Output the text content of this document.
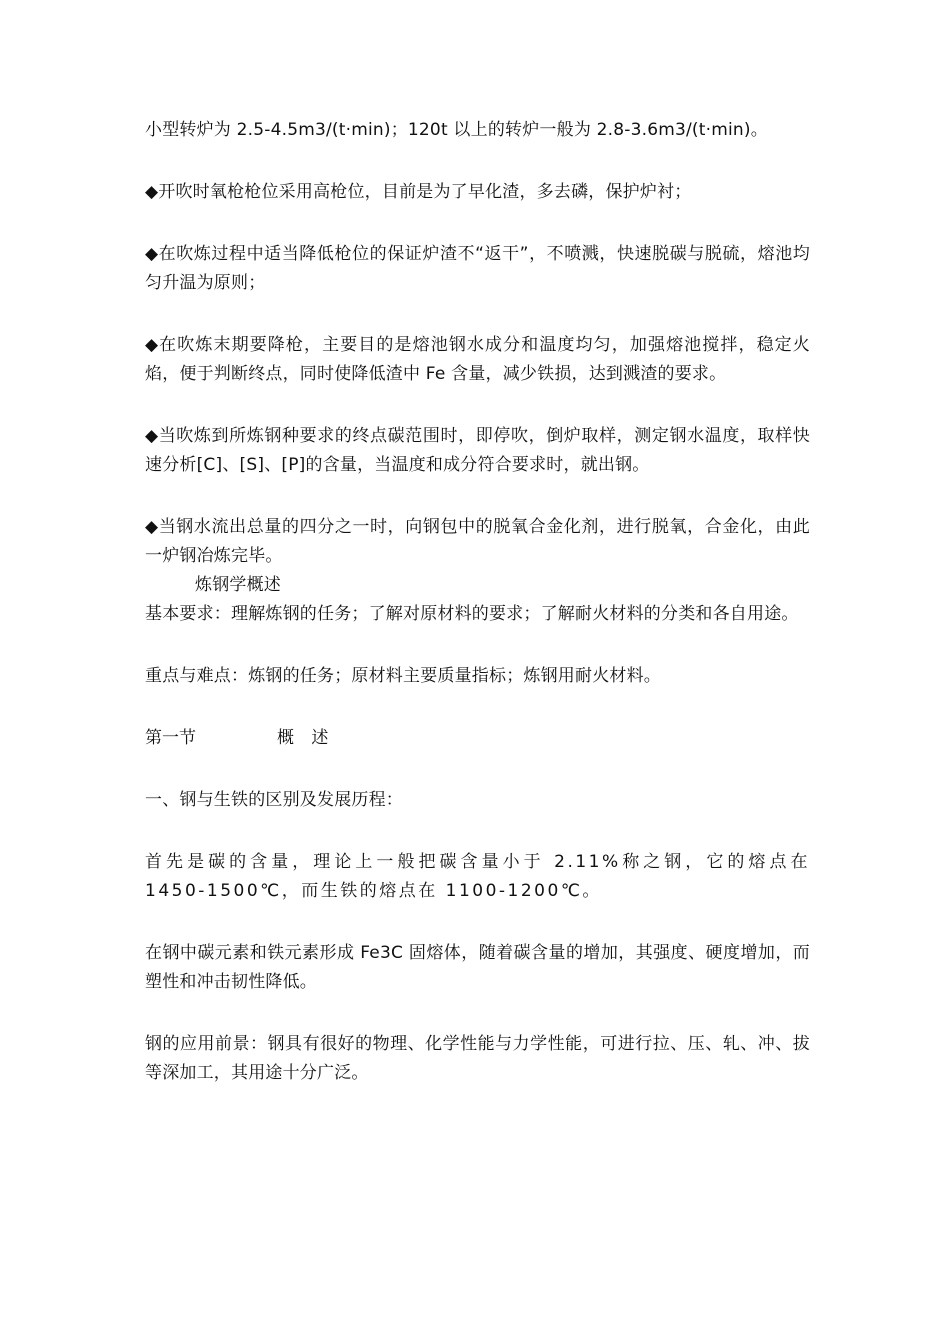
小型转炉为 2.5-4.5m3/(t·min)；120t 以上的转炉一般为 2.8-3.6m3/(t·min)。

◆开吹时氧枪枪位采用高枪位，目前是为了早化渣，多去磷，保护炉衬；

◆在吹炼过程中适当降低枪位的保证炉渣不“返干”，不喷溅，快速脱碳与脱硫，熔池均匀升温为原则；

◆在吹炼末期要降枪，主要目的是熔池钢水成分和温度均匀，加强熔池搅拌，稳定火焰，便于判断终点，同时使降低渣中 Fe 含量，减少铁损，达到溅渣的要求。

◆当吹炼到所炼钢种要求的终点碳范围时，即停吹，倒炉取样，测定钢水温度，取样快速分析[C]、[S]、[P]的含量，当温度和成分符合要求时，就出钢。

◆当钢水流出总量的四分之一时，向钢包中的脱氧合金化剂，进行脱氧，合金化，由此一炉钢冶炼完毕。

炼钢学概述

基本要求：理解炼钢的任务；了解对原材料的要求；了解耐火材料的分类和各自用途。

重点与难点：炼钢的任务；原材料主要质量指标；炼钢用耐火材料。

第一节	概 述

一、钢与生铁的区别及发展历程：

首先是碳的含量，理论上一般把碳含量小于 2.11%称之钢，它的熔点在1450-1500℃，而生铁的熔点在 1100-1200℃。

在钢中碳元素和铁元素形成 Fe3C 固熔体，随着碳含量的增加，其强度、硬度增加，而塑性和冲击韧性降低。

钢的应用前景：钢具有很好的物理、化学性能与力学性能，可进行拉、压、轧、冲、拔等深加工，其用途十分广泛。
